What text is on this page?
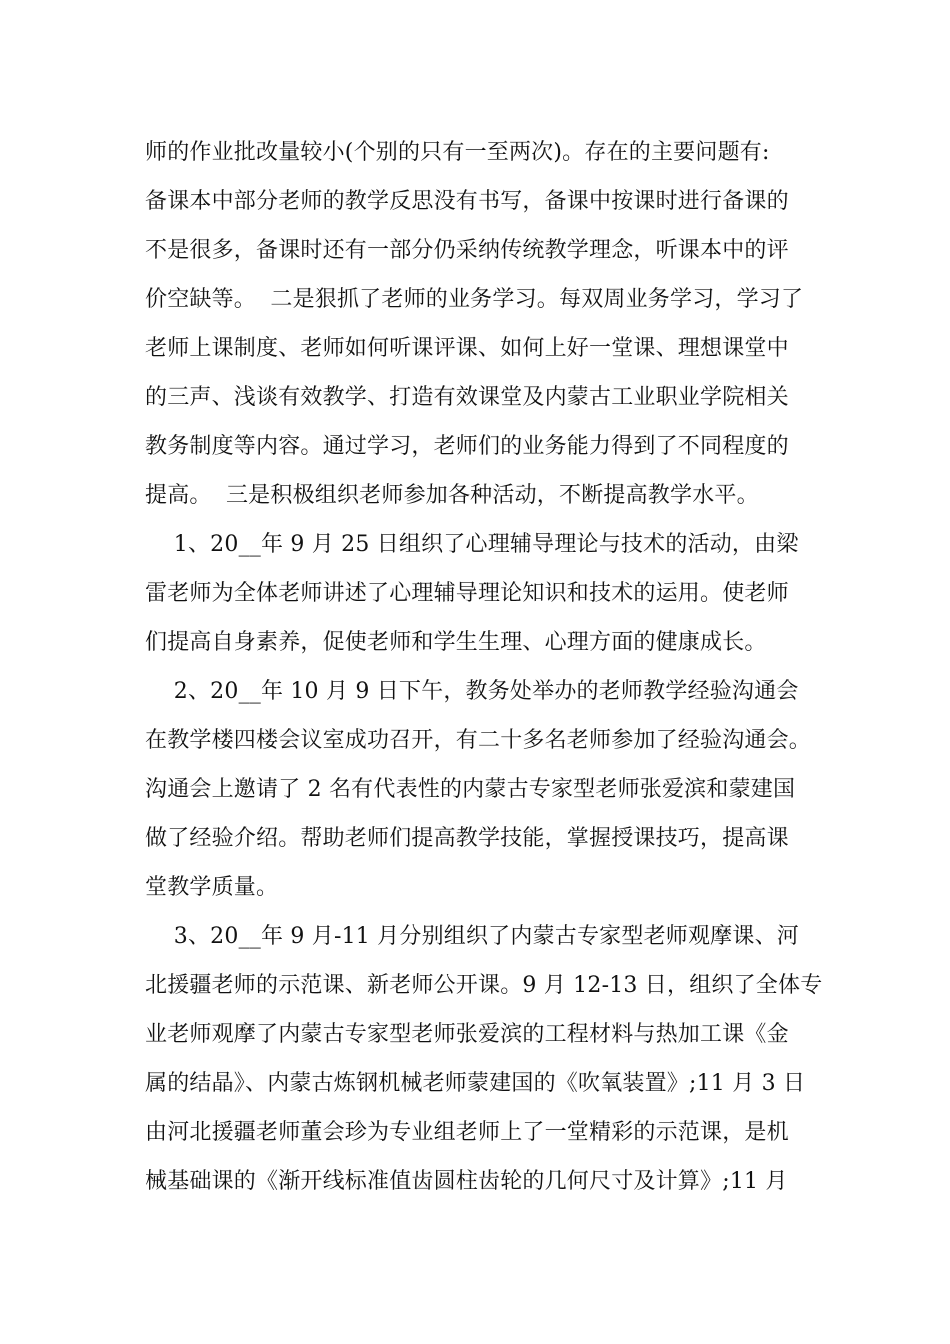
师的作业批改量较小(个别的只有一至两次)。存在的主要问题有:
备课本中部分老师的教学反思没有书写，备课中按课时进行备课的
不是很多，备课时还有一部分仍采纳传统教学理念，听课本中的评
价空缺等。  二是狠抓了老师的业务学习。每双周业务学习，学习了
老师上课制度、老师如何听课评课、如何上好一堂课、理想课堂中
的三声、浅谈有效教学、打造有效课堂及内蒙古工业职业学院相关
教务制度等内容。通过学习，老师们的业务能力得到了不同程度的
提高。  三是积极组织老师参加各种活动，不断提高教学水平。
1、20__年 9 月 25 日组织了心理辅导理论与技术的活动，由梁
雷老师为全体老师讲述了心理辅导理论知识和技术的运用。使老师
们提高自身素养，促使老师和学生生理、心理方面的健康成长。
2、20__年 10 月 9 日下午，教务处举办的老师教学经验沟通会
在教学楼四楼会议室成功召开，有二十多名老师参加了经验沟通会。
沟通会上邀请了 2 名有代表性的内蒙古专家型老师张爱滨和蒙建国
做了经验介绍。帮助老师们提高教学技能，掌握授课技巧，提高课
堂教学质量。
3、20__年 9 月-11 月分别组织了内蒙古专家型老师观摩课、河
北援疆老师的示范课、新老师公开课。9 月 12-13 日，组织了全体专
业老师观摩了内蒙古专家型老师张爱滨的工程材料与热加工课《金
属的结晶》、内蒙古炼钢机械老师蒙建国的《吹氧装置》;11 月 3 日
由河北援疆老师董会珍为专业组老师上了一堂精彩的示范课，是机
械基础课的《渐开线标准值齿圆柱齿轮的几何尺寸及计算》;11 月
